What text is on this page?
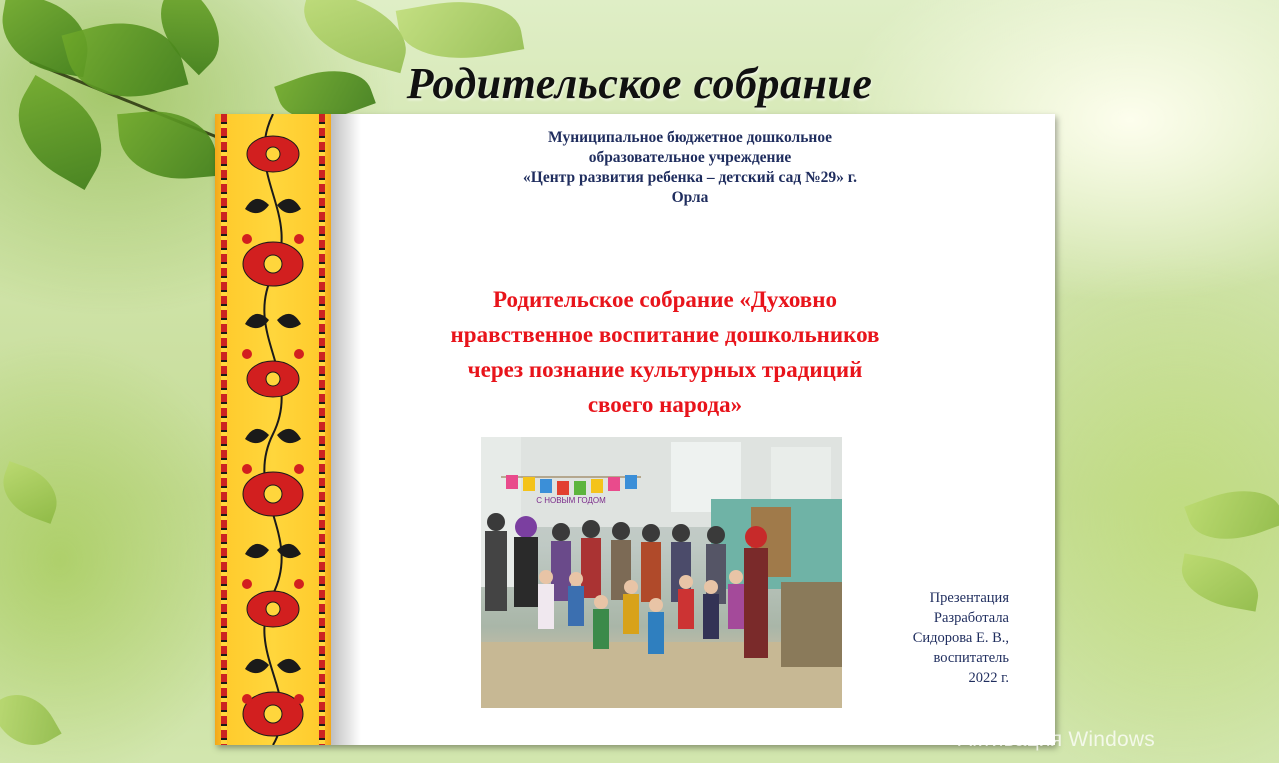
Родительское собрание
Муниципальное бюджетное дошкольное
образовательное учреждение
«Центр развития ребенка – детский сад №29» г.
Орла
Родительское собрание «Духовно
нравственное воспитание дошкольников
через познание культурных традиций
своего народа»
С НОВЫМ ГОДОМ
Презентация
Разработала
Сидорова Е. В.,
воспитатель
2022 г.
Активация Windows
